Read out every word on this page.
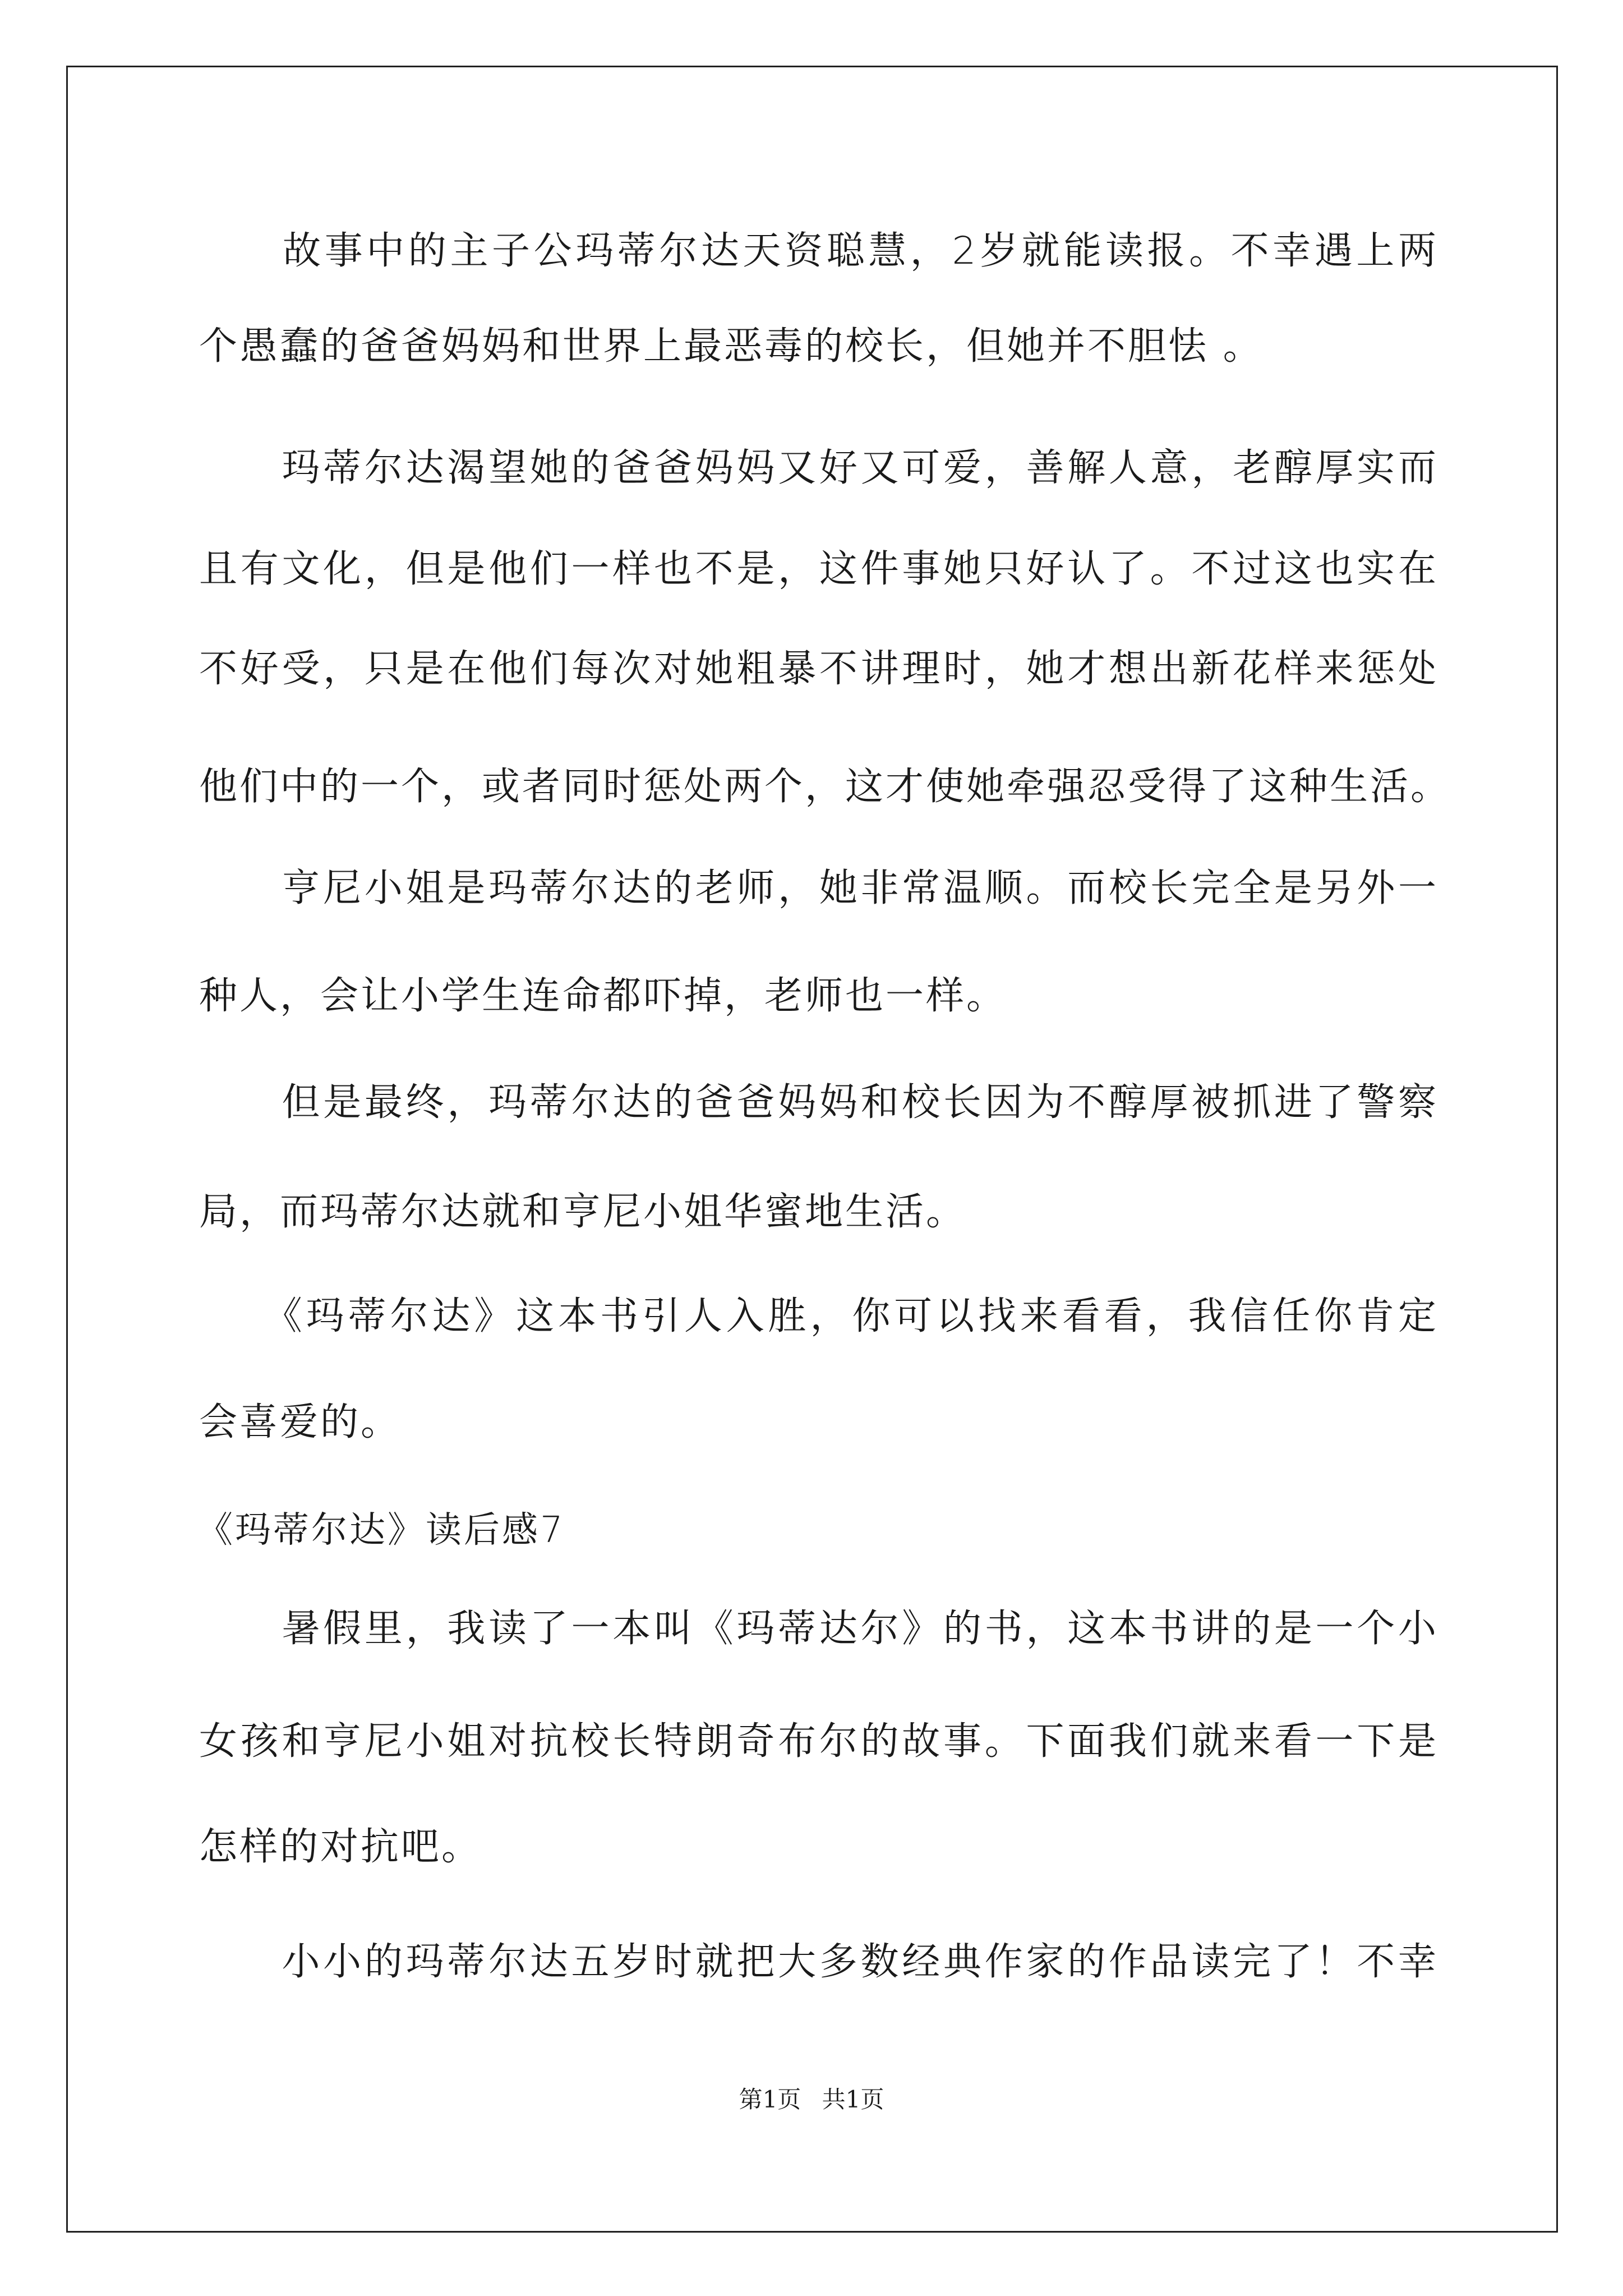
　　故事中的主子公玛蒂尔达天资聪慧，2岁就能读报。不幸遇上两
个愚蠢的爸爸妈妈和世界上最恶毒的校长，但她并不胆怯 。
　　玛蒂尔达渴望她的爸爸妈妈又好又可爱，善解人意，老醇厚实而
且有文化，但是他们一样也不是，这件事她只好认了。不过这也实在
不好受，只是在他们每次对她粗暴不讲理时，她才想出新花样来惩处
他们中的一个，或者同时惩处两个，这才使她牵强忍受得了这种生活。
　　亨尼小姐是玛蒂尔达的老师，她非常温顺。而校长完全是另外一
种人，会让小学生连命都吓掉，老师也一样。
　　但是最终，玛蒂尔达的爸爸妈妈和校长因为不醇厚被抓进了警察
局，而玛蒂尔达就和亨尼小姐华蜜地生活。
　　《玛蒂尔达》这本书引人入胜，你可以找来看看，我信任你肯定
会喜爱的。
《玛蒂尔达》读后感7
　　暑假里，我读了一本叫《玛蒂达尔》的书，这本书讲的是一个小
女孩和亨尼小姐对抗校长特朗奇布尔的故事。下面我们就来看一下是
怎样的对抗吧。
　　小小的玛蒂尔达五岁时就把大多数经典作家的作品读完了！不幸
第1页 共1页
